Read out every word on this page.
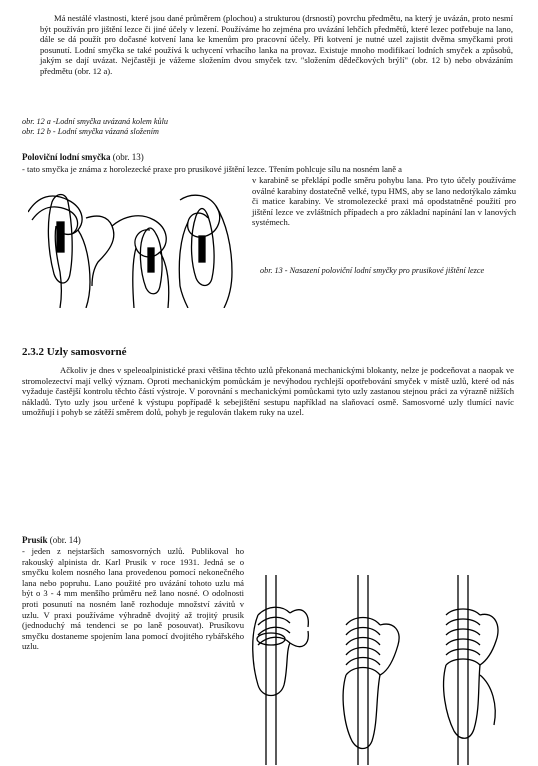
Má nestálé vlastnosti, které jsou dané průměrem (plochou) a strukturou (drsností) povrchu předmětu, na který je uvázán, proto nesmí být používán pro jištění lezce či jiné účely v lezení. Používáme ho zejména pro uvázání lehčích předmětů, které lezec potřebuje na lano, dále se dá použít pro dočasné kotvení lana ke kmenům pro pracovní účely. Při kotvení je nutné uzel zajistit dvěma smyčkami proti posunutí. Lodní smyčka se také používá k uchycení vrhacího lanka na provaz. Existuje mnoho modifikací lodních smyček a způsobů, jakým se dají uvázat. Nejčastěji je vážeme složením dvou smyček tzv. "složením dědečkových brýlí" (obr. 12 b) nebo obvázáním předmětu (obr. 12 a).

obr. 12 a -Lodní smyčka uvázaná kolem kůlu

obr. 12 b - Lodní smyčka vázaná složením

Poloviční lodní smyčka (obr. 13)

- tato smyčka je známa z horolezecké praxe pro prusikové jištění lezce. Třením pohlcuje sílu na nosném laně a

v karabině se překlápí podle směru pohybu lana. Pro tyto účely používáme oválné karabiny dostatečně velké, typu HMS, aby se lano nedotýkalo zámku či matice karabiny. Ve stromolezecké praxi má opodstatněné použití pro jištění lezce ve zvláštních případech a pro základní napínání lan v lanových systémech.

obr. 13 - Nasazení poloviční lodní smyčky pro prusikové jištění lezce

2.3.2 Uzly samosvorné

Ačkoliv je dnes v speleoalpinistické praxi většina těchto uzlů překonaná mechanickými blokanty, nelze je podceňovat a naopak ve stromolezectví mají velký význam. Oproti mechanickým pomůckám je nevýhodou rychlejší opotřebování smyček v místě uzlů, které od nás vyžaduje častější kontrolu těchto částí výstroje. V porovnání s mechanickými pomůckami tyto uzly zastanou stejnou práci za výrazně nižších nákladů. Tyto uzly jsou určené k výstupu popřípadě k sebejištění sestupu například na slaňovací osmě. Samosvorné uzly tlumící navíc umožňují i pohyb se zátěží směrem dolů, pohyb je regulován tlakem ruky na uzel.

Prusik (obr. 14)

- jeden z nejstarších samosvorných uzlů. Publikoval ho rakouský alpinista dr. Karl Prusik v roce 1931. Jedná se o smyčku kolem nosného lana provedenou pomocí nekonečného lana nebo popruhu. Lano použité pro uvázání tohoto uzlu má být o 3 - 4 mm menšího průměru než lano nosné. O odolnosti proti posunutí na nosném laně rozhoduje množství závitů v uzlu. V praxi používáme výhradně dvojitý až trojitý prusik (jednoduchý má tendenci se po laně posouvat). Prusíkovu smyčku dostaneme spojením lana pomocí dvojitého rybářského uzlu.
